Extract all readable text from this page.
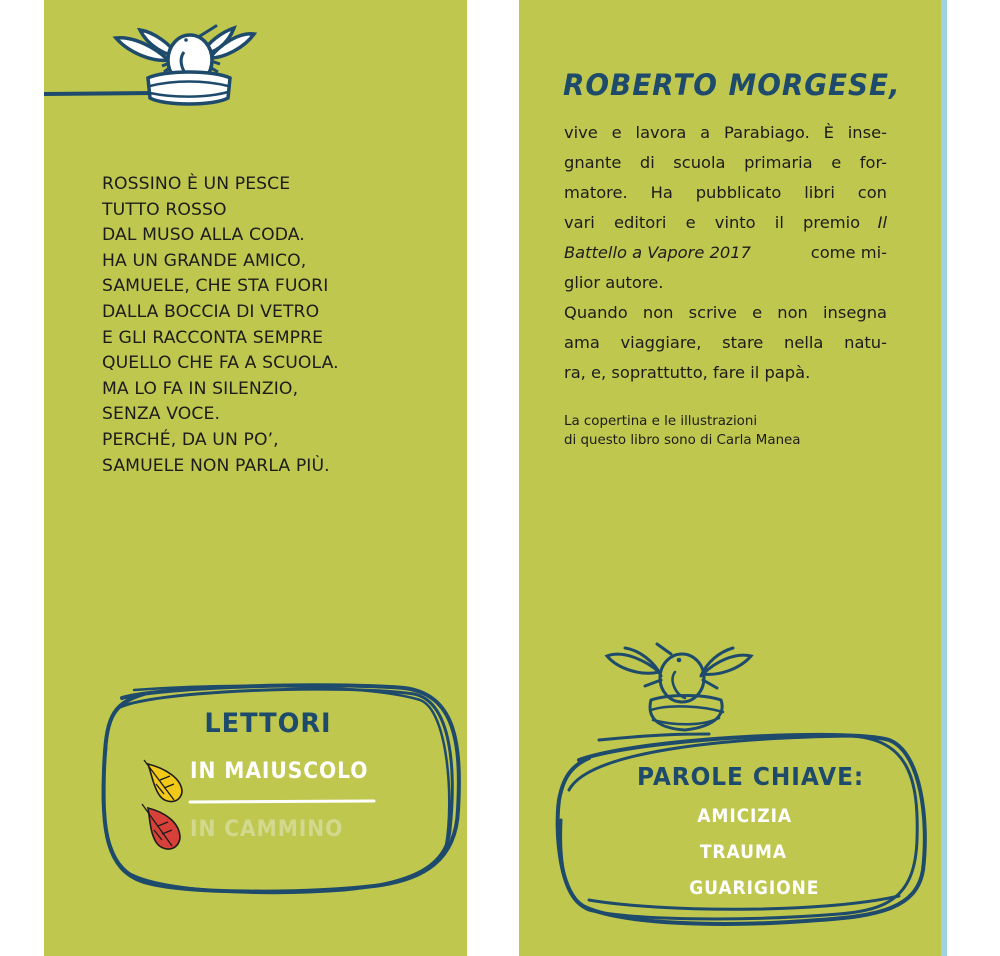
ROSSINO È UN PESCE
TUTTO ROSSO
DAL MUSO ALLA CODA.
HA UN GRANDE AMICO,
SAMUELE, CHE STA FUORI
DALLA BOCCIA DI VETRO
E GLI RACCONTA SEMPRE
QUELLO CHE FA A SCUOLA.
MA LO FA IN SILENZIO,
SENZA VOCE.
PERCHÉ, DA UN PO’,
SAMUELE NON PARLA PIÙ.
LETTORI
IN MAIUSCOLO
IN CAMMINO
ROBERTO MORGESE,
vive e lavora a Parabiago. È inse-
gnante di scuola primaria e for-
matore. Ha pubblicato libri con
vari editori e vinto il premio Il
Battello a Vapore 2017	come mi-
glior autore.
Quando non scrive e non insegna
ama viaggiare, stare nella natu-
ra, e, soprattutto, fare il papà.
La copertina e le illustrazioni
di questo libro sono di Carla Manea
PAROLE CHIAVE:
AMICIZIA
TRAUMA
GUARIGIONE
